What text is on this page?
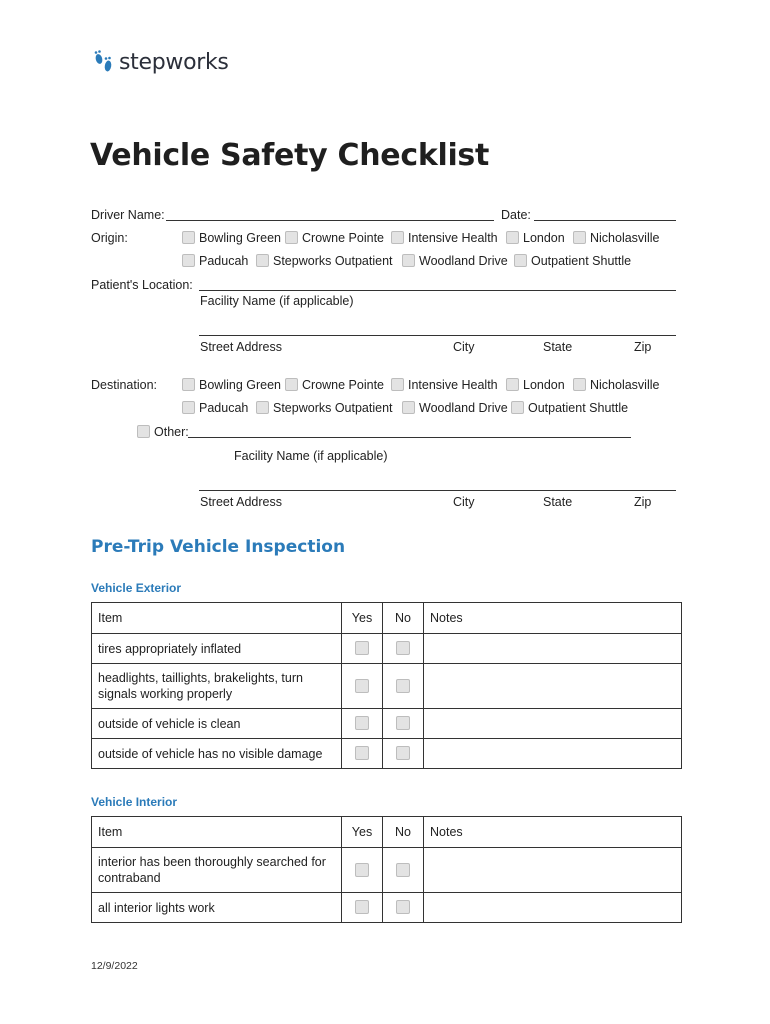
stepworks
Vehicle Safety Checklist
Driver Name:	Date:
Origin:	Bowling Green	Crowne Pointe	Intensive Health	London	Nicholasville
Paducah	Stepworks Outpatient	Woodland Drive	Outpatient Shuttle
Patient's Location:
Facility Name (if applicable)
Street Address	City	State	Zip
Destination:	Bowling Green	Crowne Pointe	Intensive Health	London	Nicholasville
Paducah	Stepworks Outpatient	Woodland Drive	Outpatient Shuttle
Other:
Facility Name (if applicable)
Street Address	City	State	Zip
Pre-Trip Vehicle Inspection
Vehicle Exterior
Item	Yes	No	Notes
tires appropriately inflated			
headlights, taillights, brakelights, turn signals working properly			
outside of vehicle is clean			
outside of vehicle has no visible damage			
Vehicle Interior
Item	Yes	No	Notes
interior has been thoroughly searched for contraband			
all interior lights work			
12/9/2022
